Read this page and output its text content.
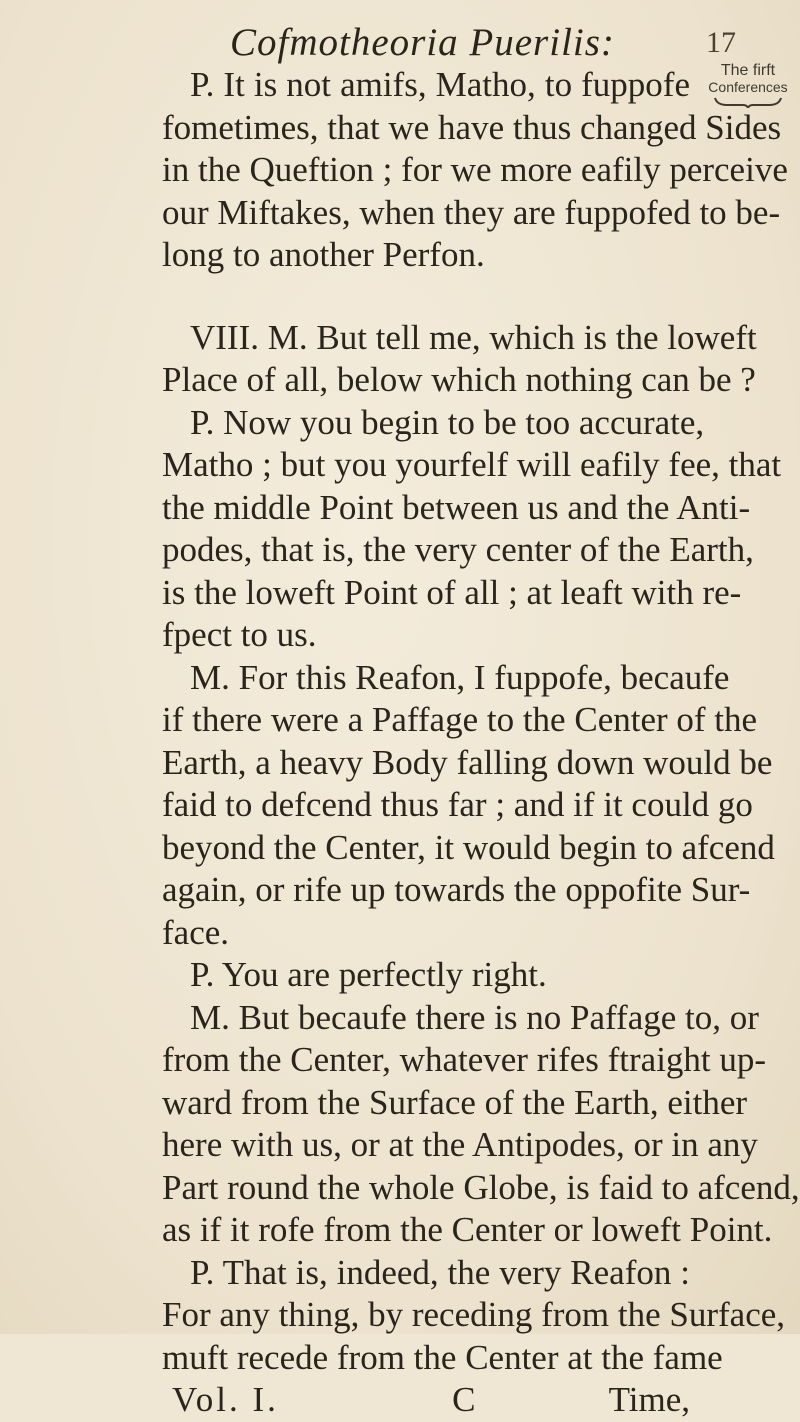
Cofmotheoria Puerilis:	17
The firft
Conferences
P. It is not amifs, Matho, to fuppofe
fometimes, that we have thus changed Sides
in the Queftion ; for we more eafily perceive
our Miftakes, when they are fuppofed to be-
long to another Perfon.
VIII. M. But tell me, which is the loweft
Place of all, below which nothing can be ?
P. Now you begin to be too accurate,
Matho ; but you yourfelf will eafily fee, that
the middle Point between us and the Anti-
podes, that is, the very center of the Earth,
is the loweft Point of all ; at leaft with re-
fpect to us.
M. For this Reafon, I fuppofe, becaufe
if there were a Paffage to the Center of the
Earth, a heavy Body falling down would be
faid to defcend thus far ; and if it could go
beyond the Center, it would begin to afcend
again, or rife up towards the oppofite Sur-
face.
P. You are perfectly right.
M. But becaufe there is no Paffage to, or
from the Center, whatever rifes ftraight up-
ward from the Surface of the Earth, either
here with us, or at the Antipodes, or in any
Part round the whole Globe, is faid to afcend,
as if it rofe from the Center or loweft Point.
P. That is, indeed, the very Reafon :
For any thing, by receding from the Surface,
muft recede from the Center at the fame
Vol. I.	C	Time,
